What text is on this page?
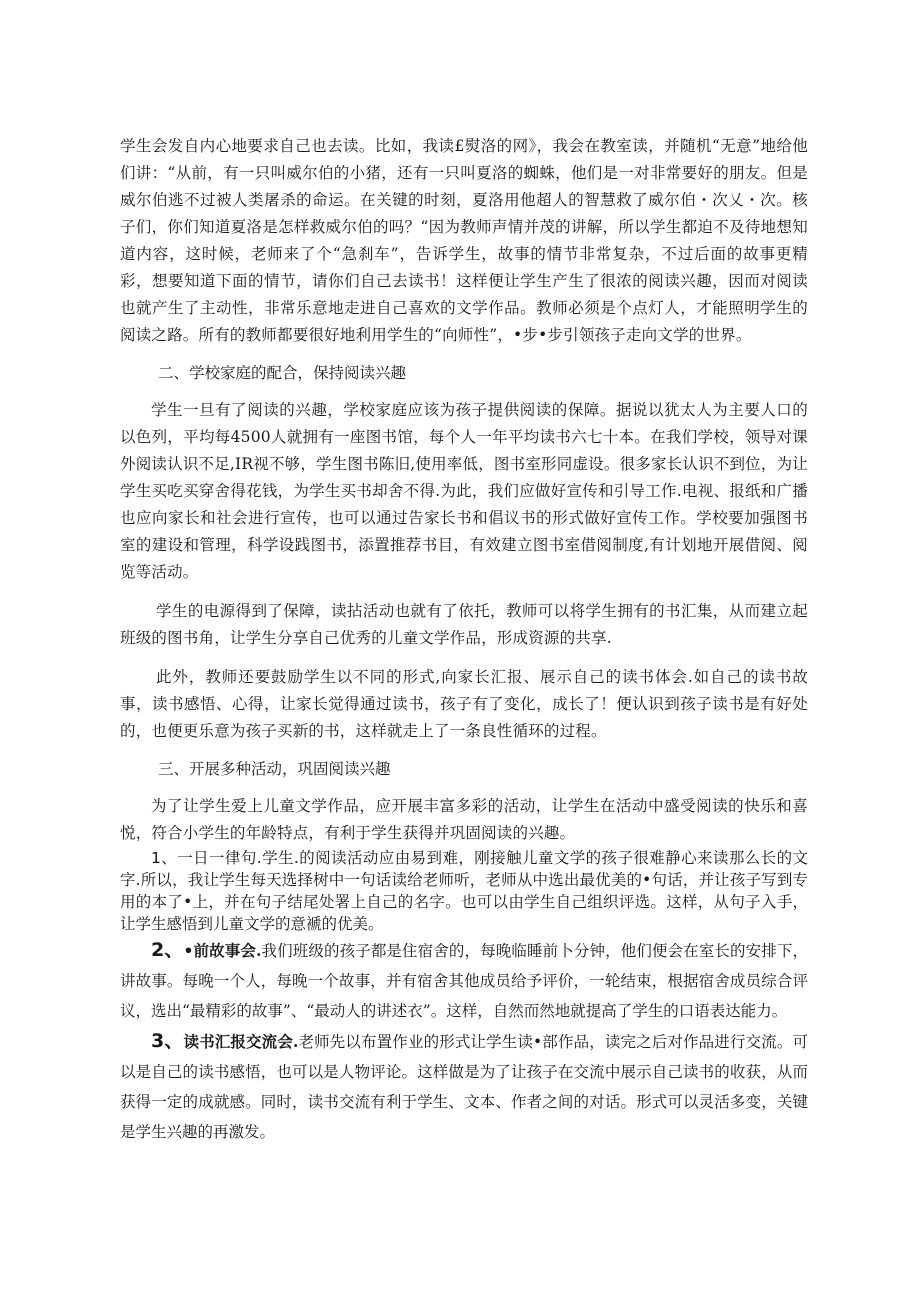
学生会发自内心地要求自己也去读。比如，我读£熨洛的网》，我会在教室读，并随机“无意”地给他们讲：“从前，有一只叫威尔伯的小猪，还有一只叫夏洛的蜘蛛，他们是一对非常要好的朋友。但是威尔伯逃不过被人类屠杀的命运。在关键的时刻，夏洛用他超人的智慧救了威尔伯・次乂・次。核子们，你们知道夏洛是怎样救威尔伯的吗？“因为教师声情并茂的讲解，所以学生都迫不及待地想知道内容，这时候，老师来了个“急刹车”，告诉学生，故事的情节非常复杂，不过后面的故事更精彩，想要知道下面的情节，请你们自己去读书！这样便让学生产生了很浓的阅读兴趣，因而对阅读也就产生了主动性，非常乐意地走进自己喜欢的文学作品。教师必须是个点灯人，才能照明学生的阅读之路。所有的教师都要很好地利用学生的“向师性”，•步•步引领孩子走向文学的世界。

二、学校家庭的配合，保持阅读兴趣

学生一旦有了阅读的兴趣，学校家庭应该为孩子提供阅读的保障。据说以犹太人为主要人口的以色列，平均每4500人就拥有一座图书馆，每个人一年平均读书六七十本。在我们学校，领导对课外阅读认识不足,IR视不够，学生图书陈旧,使用率低，图书室形同虚设。很多家长认识不到位，为让学生买吃买穿舍得花钱，为学生买书却舍不得.为此，我们应做好宣传和引导工作.电视、报纸和广播也应向家长和社会进行宣传，也可以通过告家长书和倡议书的形式做好宣传工作。学校要加强图书室的建设和管理，科学设践图书，添置推荐书目，有效建立图书室借阅制度,有计划地开展借阅、阅览等活动。

学生的电源得到了保障，读拈活动也就有了依托，教师可以将学生拥有的书汇集，从而建立起班级的图书角，让学生分享自己优秀的儿童文学作品，形成资源的共享.

此外，教师还要鼓励学生以不同的形式,向家长汇报、展示自己的读书体会.如自己的读书故事，读书感悟、心得，让家长觉得通过读书，孩子有了变化，成长了！便认识到孩子读书是有好处的，也便更乐意为孩子买新的书，这样就走上了一条良性循环的过程。

三、开展多种活动，巩固阅读兴趣

为了让学生爱上儿童文学作品，应开展丰富多彩的活动，让学生在活动中盛受阅读的快乐和喜悦，符合小学生的年龄特点，有利于学生获得并巩固阅读的兴趣。

1、一日一律句.学生.的阅读活动应由易到难，刚接触儿童文学的孩子很难静心来读那么长的文字.所以，我让学生每天选择树中一句话读给老师听，老师从中选出最优美的•句话，并让孩子写到专用的本了•上，并在句子结尾处署上自己的名字。也可以由学生自己组织评选。这样，从句子入手，让学生感悟到儿童文学的意褫的优美。

2、•前故事会.我们班级的孩子都是住宿舍的，每晚临睡前卜分钟，他们便会在室长的安排下，讲故事。每晚一个人，每晚一个故事，并有宿舍其他成员给予评价，一轮结束，根据宿舍成员综合评议，选出“最精彩的故事”、“最动人的讲述衣”。这样，自然而然地就提高了学生的口语表达能力。

3、读书汇报交流会.老师先以布置作业的形式让学生读•部作品，读完之后对作品进行交流。可以是自己的读书感悟，也可以是人物评论。这样做是为了让孩子在交流中展示自己读书的收获，从而获得一定的成就感。同时，读书交流有利于学生、文本、作者之间的对话。形式可以灵活多变，关键是学生兴趣的再激发。
